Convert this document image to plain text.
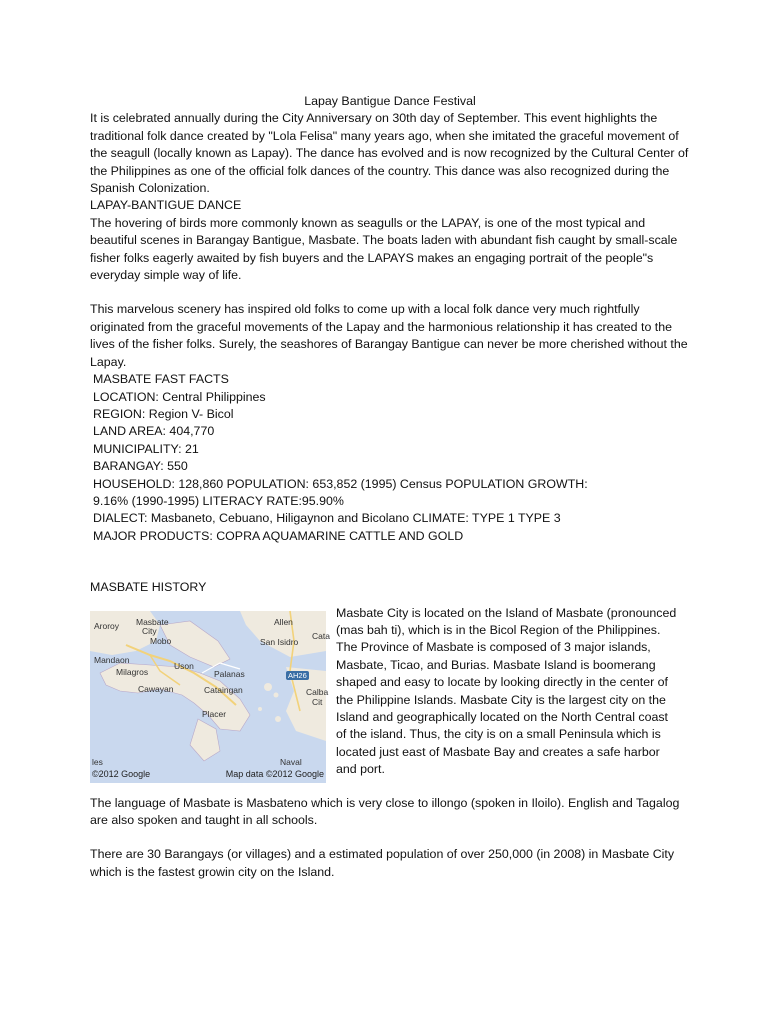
Lapay Bantigue Dance Festival

It is celebrated annually during the City Anniversary on 30th day of September. This event highlights the traditional folk dance created by "Lola Felisa" many years ago, when she imitated the graceful movement of the seagull (locally known as Lapay). The dance has evolved and is now recognized by the Cultural Center of the Philippines as one of the official folk dances of the country. This dance was also recognized during the Spanish Colonization.

LAPAY-BANTIGUE DANCE

The hovering of birds more commonly known as seagulls or the LAPAY, is one of the most typical and beautiful scenes in Barangay Bantigue, Masbate. The boats laden with abundant fish caught by small-scale fisher folks eagerly awaited by fish buyers and the LAPAYS makes an engaging portrait of the people"s everyday simple way of life.

This marvelous scenery has inspired old folks to come up with a local folk dance very much rightfully originated from the graceful movements of the Lapay and the harmonious relationship it has created to the lives of the fisher folks. Surely, the seashores of Barangay Bantigue can never be more cherished without the Lapay.

MASBATE FAST FACTS

LOCATION: Central Philippines

REGION: Region V- Bicol

LAND AREA: 404,770

MUNICIPALITY: 21

BARANGAY: 550

HOUSEHOLD: 128,860 POPULATION: 653,852 (1995) Census POPULATION GROWTH:

9.16% (1990-1995) LITERACY RATE:95.90%

DIALECT: Masbaneto, Cebuano, Hiligaynon and Bicolano CLIMATE: TYPE 1 TYPE 3

MAJOR PRODUCTS: COPRA AQUAMARINE CATTLE AND GOLD

MASBATE HISTORY

Aroroy Masbate
City
Mobo
Allen
Cata
San Isidro
Mandaon
Milagros
Uson
Palanas	AH26
Cawayan	Cataingan
Placer
Calba
Cit
Naval
les
©2012 Google	Map data ©2012 Google

Masbate City is located on the Island of Masbate (pronounced (mas bah ti), which is in the Bicol Region of the Philippines. The Province of Masbate is composed of 3 major islands, Masbate, Ticao, and Burias. Masbate Island is boomerang shaped and easy to locate by looking directly in the center of the Philippine Islands. Masbate City is the largest city on the Island and geographically located on the North Central coast of the island. Thus, the city is on a small Peninsula which is located just east of Masbate Bay and creates a safe harbor and port.

The language of Masbate is Masbateno which is very close to illongo (spoken in Iloilo). English and Tagalog are also spoken and taught in all schools.

There are 30 Barangays (or villages) and a estimated population of over 250,000 (in 2008) in Masbate City which is the fastest growin city on the Island.
